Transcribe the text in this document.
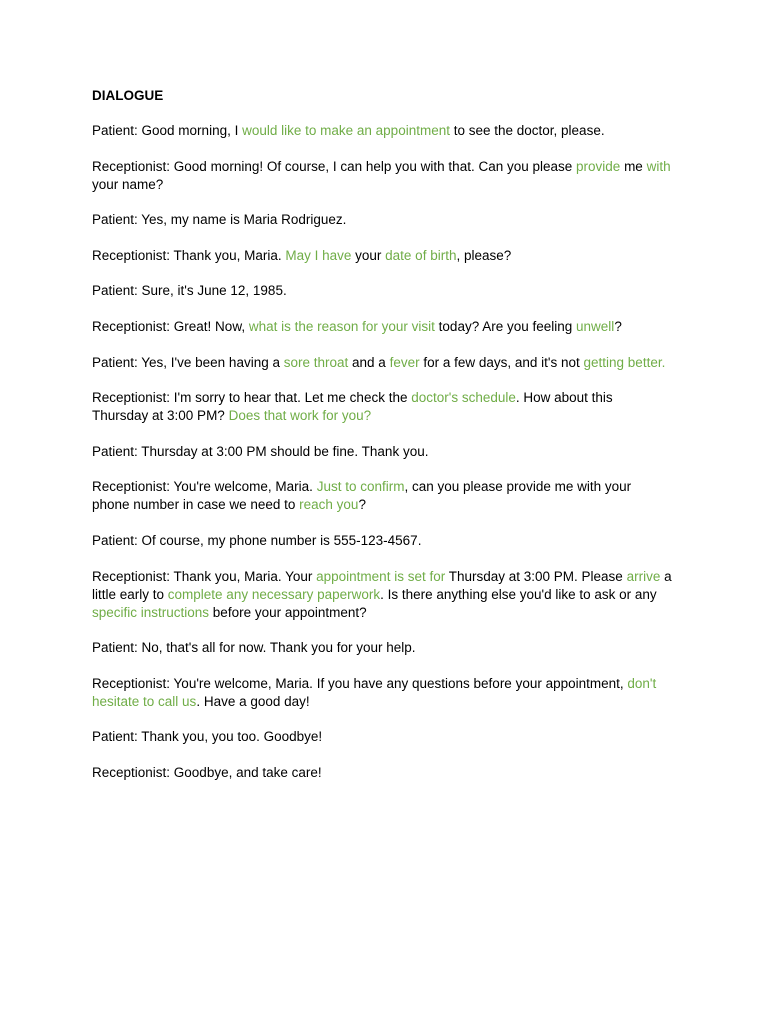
DIALOGUE

Patient: Good morning, I would like to make an appointment to see the doctor, please.

Receptionist: Good morning! Of course, I can help you with that. Can you please provide me with your name?

Patient: Yes, my name is Maria Rodriguez.

Receptionist: Thank you, Maria. May I have your date of birth, please?

Patient: Sure, it's June 12, 1985.

Receptionist: Great! Now, what is the reason for your visit today? Are you feeling unwell?

Patient: Yes, I've been having a sore throat and a fever for a few days, and it's not getting better.

Receptionist: I'm sorry to hear that. Let me check the doctor's schedule. How about this Thursday at 3:00 PM? Does that work for you?

Patient: Thursday at 3:00 PM should be fine. Thank you.

Receptionist: You're welcome, Maria. Just to confirm, can you please provide me with your phone number in case we need to reach you?

Patient: Of course, my phone number is 555-123-4567.

Receptionist: Thank you, Maria. Your appointment is set for Thursday at 3:00 PM. Please arrive a little early to complete any necessary paperwork. Is there anything else you'd like to ask or any specific instructions before your appointment?

Patient: No, that's all for now. Thank you for your help.

Receptionist: You're welcome, Maria. If you have any questions before your appointment, don't hesitate to call us. Have a good day!

Patient: Thank you, you too. Goodbye!

Receptionist: Goodbye, and take care!
